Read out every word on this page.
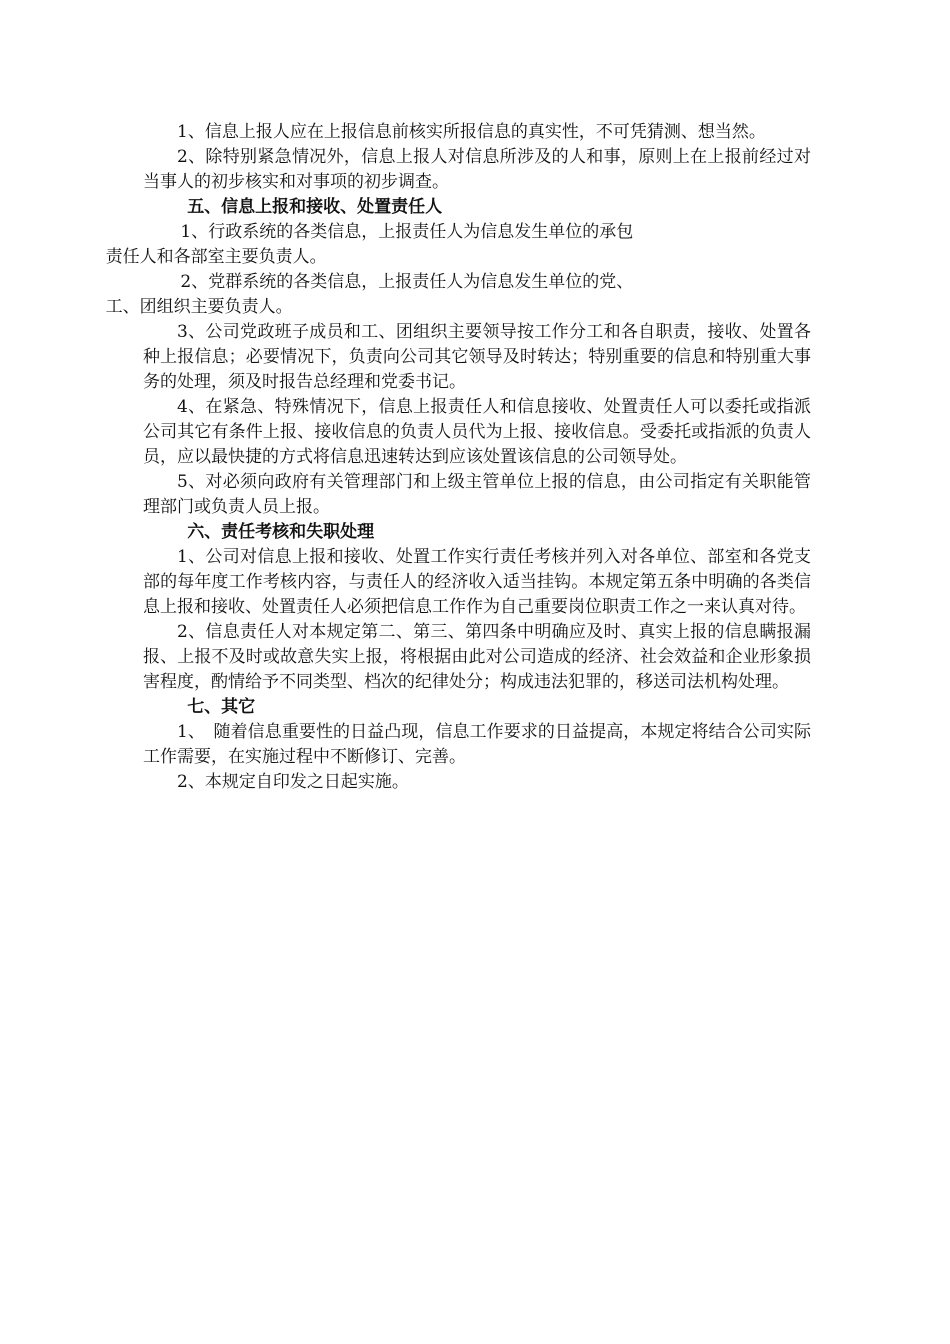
1、信息上报人应在上报信息前核实所报信息的真实性，不可凭猜测、想当然。

2、除特别紧急情况外，信息上报人对信息所涉及的人和事，原则上在上报前经过对当事人的初步核实和对事项的初步调查。

五、信息上报和接收、处置责任人

1、行政系统的各类信息，上报责任人为信息发生单位的承包
责任人和各部室主要负责人。

2、党群系统的各类信息，上报责任人为信息发生单位的党、
工、团组织主要负责人。

3、公司党政班子成员和工、团组织主要领导按工作分工和各自职责，接收、处置各种上报信息；必要情况下，负责向公司其它领导及时转达；特别重要的信息和特别重大事务的处理，须及时报告总经理和党委书记。

4、在紧急、特殊情况下，信息上报责任人和信息接收、处置责任人可以委托或指派公司其它有条件上报、接收信息的负责人员代为上报、接收信息。受委托或指派的负责人员，应以最快捷的方式将信息迅速转达到应该处置该信息的公司领导处。

5、对必须向政府有关管理部门和上级主管单位上报的信息，由公司指定有关职能管理部门或负责人员上报。

六、责任考核和失职处理

1、公司对信息上报和接收、处置工作实行责任考核并列入对各单位、部室和各党支部的每年度工作考核内容，与责任人的经济收入适当挂钩。本规定第五条中明确的各类信息上报和接收、处置责任人必须把信息工作作为自己重要岗位职责工作之一来认真对待。

2、信息责任人对本规定第二、第三、第四条中明确应及时、真实上报的信息瞒报漏报、上报不及时或故意失实上报，将根据由此对公司造成的经济、社会效益和企业形象损害程度，酌情给予不同类型、档次的纪律处分；构成违法犯罪的，移送司法机构处理。

七、其它

1、　随着信息重要性的日益凸现，信息工作要求的日益提高，本规定将结合公司实际工作需要，在实施过程中不断修订、完善。

2、本规定自印发之日起实施。
